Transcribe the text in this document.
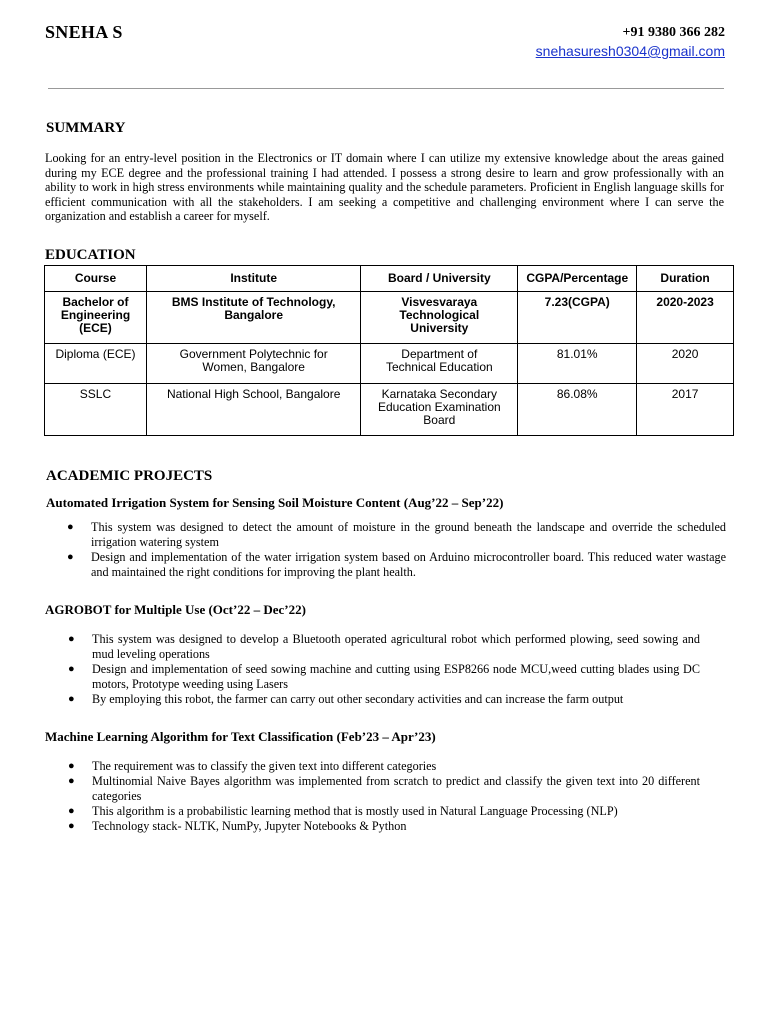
SNEHA S	+91 9380 366 282
snehasuresh0304@gmail.com
SUMMARY

Looking for an entry-level position in the Electronics or IT domain where I can utilize my extensive knowledge about the areas gained during my ECE degree and the professional training I had attended. I possess a strong desire to learn and grow professionally with an ability to work in high stress environments while maintaining quality and the schedule parameters. Proficient in English language skills for efficient communication with all the stakeholders. I am seeking a competitive and challenging environment where I can serve the organization and establish a career for myself.

EDUCATION
Course	Institute	Board / University	CGPA/Percentage	Duration
Bachelor of Engineering (ECE)	BMS Institute of Technology, Bangalore	Visvesvaraya Technological University	7.23(CGPA)	2020-2023
Diploma (ECE)	Government Polytechnic for Women, Bangalore	Department of Technical Education	81.01%	2020
SSLC	National High School, Bangalore	Karnataka Secondary Education Examination Board	86.08%	2017
ACADEMIC PROJECTS
Automated Irrigation System for Sensing Soil Moisture Content (Aug’22 – Sep’22)
● This system was designed to detect the amount of moisture in the ground beneath the landscape and override the scheduled irrigation watering system
● Design and implementation of the water irrigation system based on Arduino microcontroller board. This reduced water wastage and maintained the right conditions for improving the plant health.
AGROBOT for Multiple Use (Oct’22 – Dec’22)
● This system was designed to develop a Bluetooth operated agricultural robot which performed plowing, seed sowing and mud leveling operations
● Design and implementation of seed sowing machine and cutting using ESP8266 node MCU,weed cutting blades using DC motors, Prototype weeding using Lasers
● By employing this robot, the farmer can carry out other secondary activities and can increase the farm output
Machine Learning Algorithm for Text Classification (Feb’23 – Apr’23)
● The requirement was to classify the given text into different categories
● Multinomial Naive Bayes algorithm was implemented from scratch to predict and classify the given text into 20 different categories
● This algorithm is a probabilistic learning method that is mostly used in Natural Language Processing (NLP)
● Technology stack- NLTK, NumPy, Jupyter Notebooks & Python
